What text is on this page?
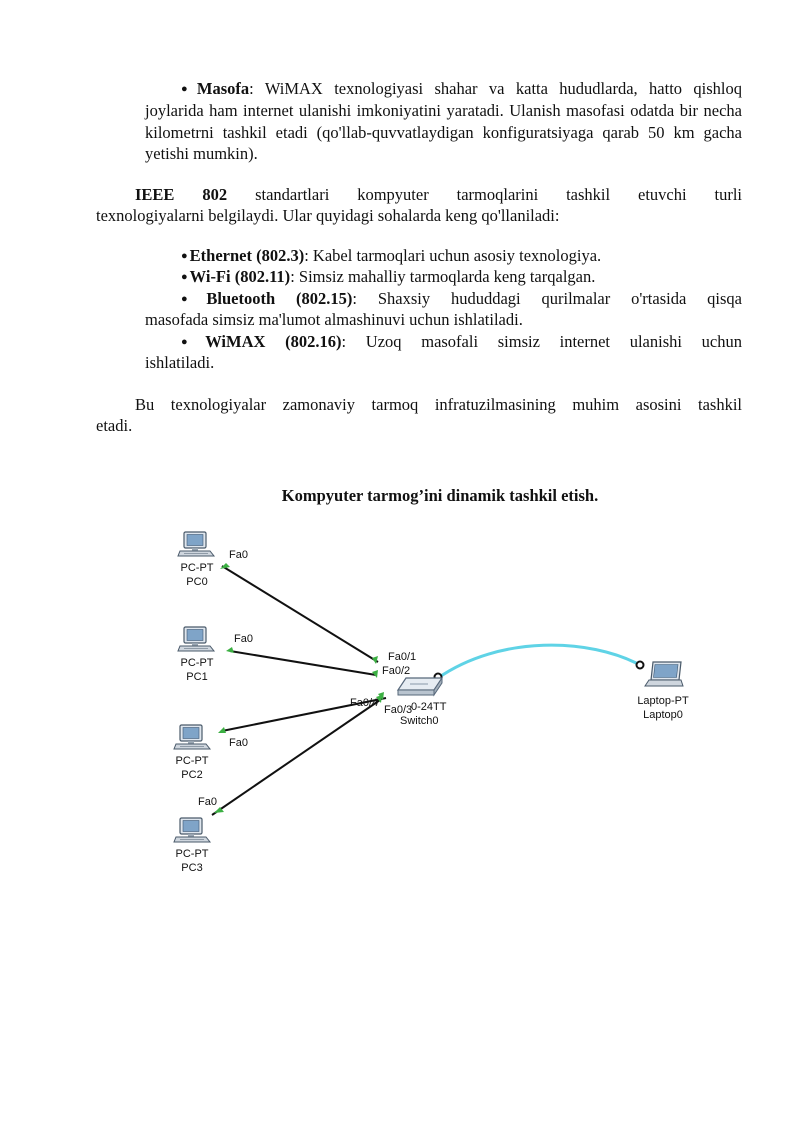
● Masofa: WiMAX texnologiyasi shahar va katta hududlarda, hatto qishloq

joylarida ham internet ulanishi imkoniyatini yaratadi. Ulanish masofasi odatda bir necha kilometrni tashkil etadi (qo'llab-quvvatlaydigan konfiguratsiyaga qarab 50 km gacha yetishi mumkin).

IEEE 802 standartlari kompyuter tarmoqlarini tashkil etuvchi turli

texnologiyalarni belgilaydi. Ular quyidagi sohalarda keng qo'llaniladi:

● Ethernet (802.3): Kabel tarmoqlari uchun asosiy texnologiya.

● Wi-Fi (802.11): Simsiz mahalliy tarmoqlarda keng tarqalgan.

● Bluetooth (802.15): Shaxsiy hududdagi qurilmalar o'rtasida qisqa

masofada simsiz ma'lumot almashinuvi uchun ishlatiladi.

● WiMAX (802.16): Uzoq masofali simsiz internet ulanishi uchun

ishlatiladi.

Bu texnologiyalar zamonaviy tarmoq infratuzilmasining muhim asosini tashkil

etadi.

Kompyuter tarmog’ini dinamik tashkil etish.
PC-PT
PC0
Fa0
PC-PT
PC1
Fa0
PC-PT
PC2
Fa0
PC-PT
PC3
Fa0
Fa0/1
Fa0/2
Fa0/4
Fa0/3
0-24TT
Switch0
Laptop-PT
Laptop0
